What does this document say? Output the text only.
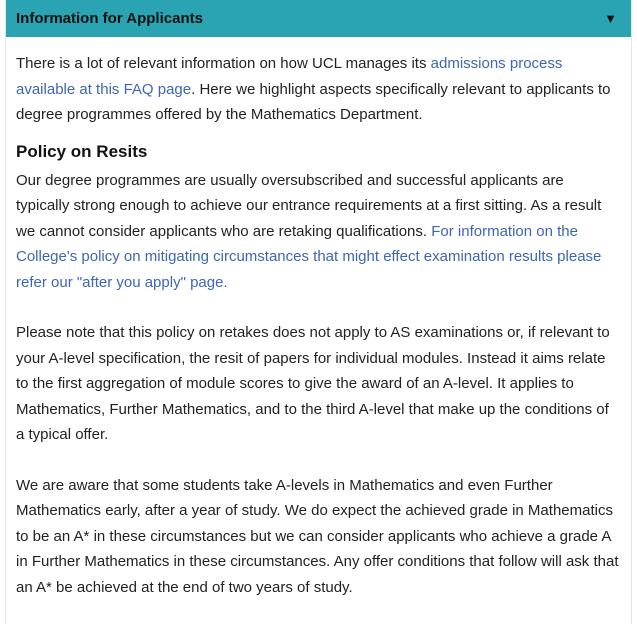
Information for Applicants	▼

There is a lot of relevant information on how UCL manages its admissions process available at this FAQ page. Here we highlight aspects specifically relevant to applicants to degree programmes offered by the Mathematics Department.

Policy on Resits

Our degree programmes are usually oversubscribed and successful applicants are typically strong enough to achieve our entrance requirements at a first sitting. As a result we cannot consider applicants who are retaking qualifications. For information on the College's policy on mitigating circumstances that might effect examination results please refer our "after you apply" page.

Please note that this policy on retakes does not apply to AS examinations or, if relevant to your A-level specification, the resit of papers for individual modules. Instead it aims relate to the first aggregation of module scores to give the award of an A-level. It applies to Mathematics, Further Mathematics, and to the third A-level that make up the conditions of a typical offer.

We are aware that some students take A-levels in Mathematics and even Further Mathematics early, after a year of study. We do expect the achieved grade in Mathematics to be an A* in these circumstances but we can consider applicants who achieve a grade A in Further Mathematics in these circumstances. Any offer conditions that follow will ask that an A* be achieved at the end of two years of study.
